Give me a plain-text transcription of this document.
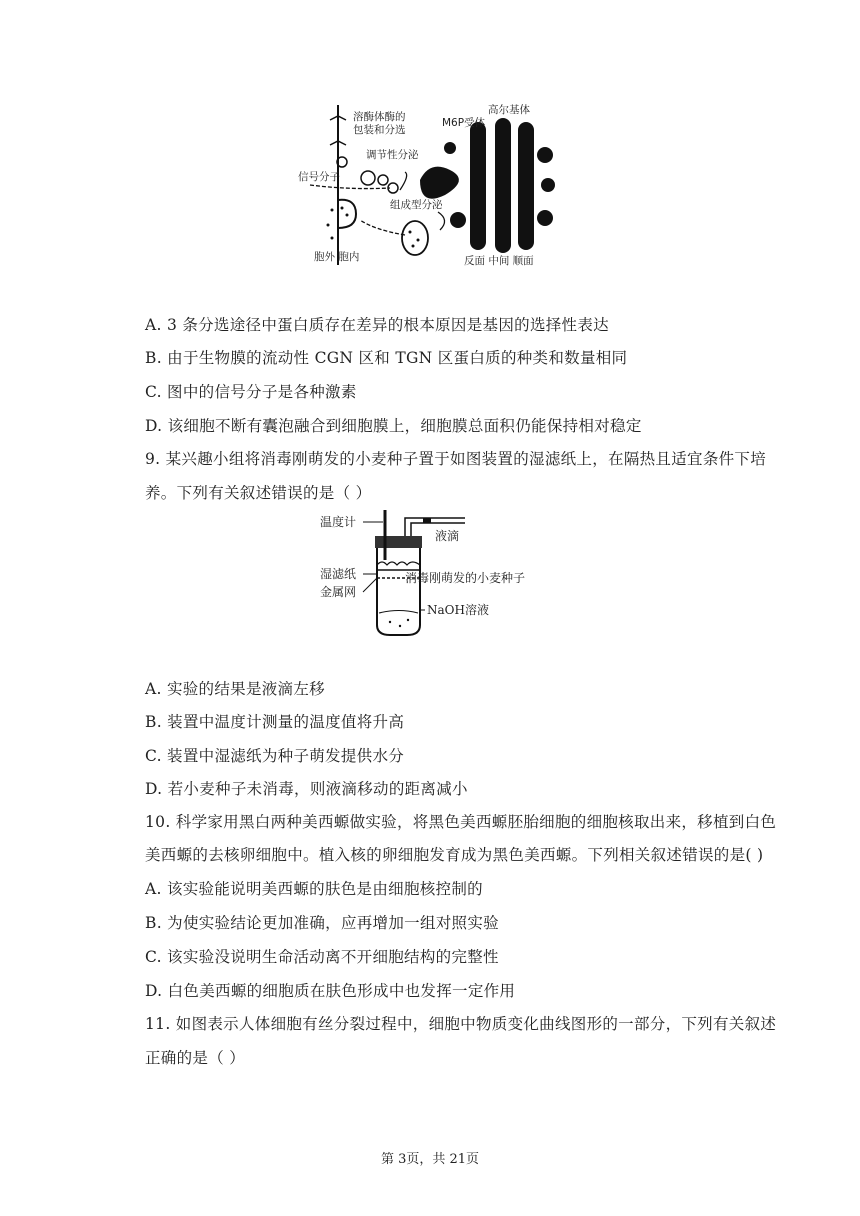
溶酶体酶的
包装和分选
M6P受体
高尔基体
调节性分泌
信号分子
组成型分泌
胞外 胞内	反面 中间 顺面
A. 3 条分选途径中蛋白质存在差异的根本原因是基因的选择性表达
B. 由于生物膜的流动性 CGN 区和 TGN 区蛋白质的种类和数量相同
C. 图中的信号分子是各种激素
D. 该细胞不断有囊泡融合到细胞膜上，细胞膜总面积仍能保持相对稳定
9. 某兴趣小组将消毒刚萌发的小麦种子置于如图装置的湿滤纸上，在隔热且适宜条件下培
养。下列有关叙述错误的是（ ）
温度计
液滴
湿滤纸	消毒刚萌发的小麦种子
金属网
NaOH溶液
A. 实验的结果是液滴左移
B. 装置中温度计测量的温度值将升高
C. 装置中湿滤纸为种子萌发提供水分
D. 若小麦种子未消毒，则液滴移动的距离减小
10. 科学家用黑白两种美西螈做实验，将黑色美西螈胚胎细胞的细胞核取出来，移植到白色
美西螈的去核卵细胞中。植入核的卵细胞发育成为黑色美西螈。下列相关叙述错误的是( )
A. 该实验能说明美西螈的肤色是由细胞核控制的
B. 为使实验结论更加准确，应再增加一组对照实验
C. 该实验没说明生命活动离不开细胞结构的完整性
D. 白色美西螈的细胞质在肤色形成中也发挥一定作用
11. 如图表示人体细胞有丝分裂过程中，细胞中物质变化曲线图形的一部分，下列有关叙述
正确的是（ ）
第 3页，共 21页
